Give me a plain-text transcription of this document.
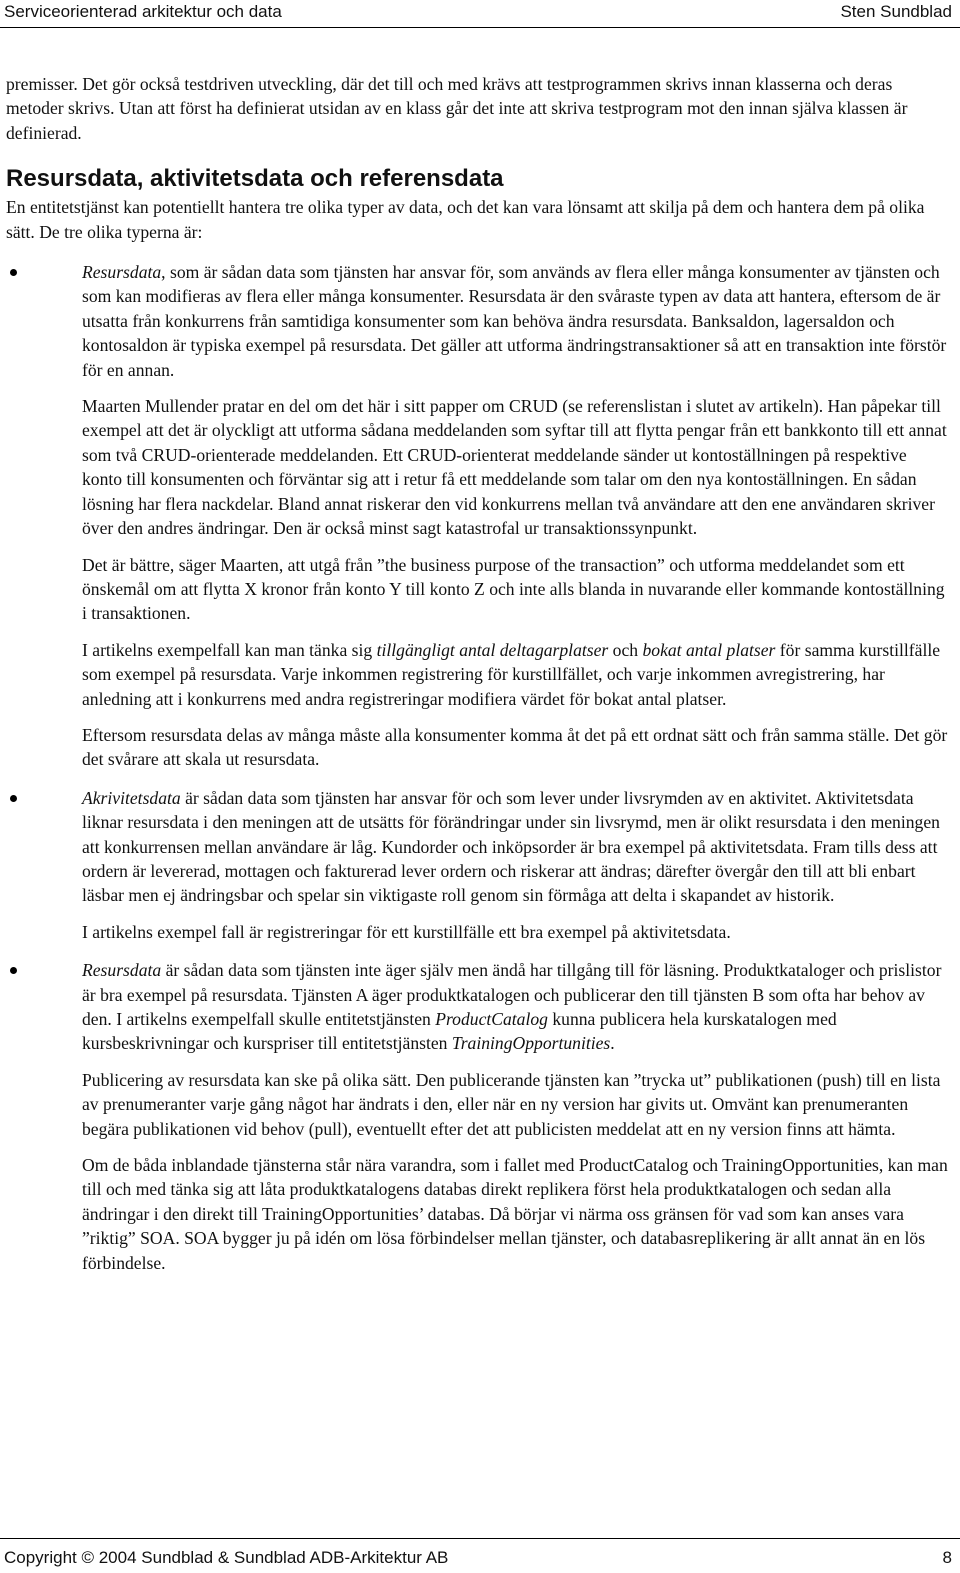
Serviceorienterad arkitektur och data	Sten Sundblad

premisser. Det gör också testdriven utveckling, där det till och med krävs att testprogrammen skrivs innan klasserna och deras metoder skrivs. Utan att först ha definierat utsidan av en klass går det inte att skriva testprogram mot den innan själva klassen är definierad.

Resursdata, aktivitetsdata och referensdata

En entitetstjänst kan potentiellt hantera tre olika typer av data, och det kan vara lönsamt att skilja på dem och hantera dem på olika sätt. De tre olika typerna är:

Resursdata, som är sådan data som tjänsten har ansvar för, som används av flera eller många konsumenter av tjänsten och som kan modifieras av flera eller många konsumenter. Resursdata är den svåraste typen av data att hantera, eftersom de är utsatta från konkurrens från samtidiga konsumenter som kan behöva ändra resursdata. Banksaldon, lagersaldon och kontosaldon är typiska exempel på resursdata. Det gäller att utforma ändringstransaktioner så att en transaktion inte förstör för en annan.

Maarten Mullender pratar en del om det här i sitt papper om CRUD (se referenslistan i slutet av artikeln). Han påpekar till exempel att det är olyckligt att utforma sådana meddelanden som syftar till att flytta pengar från ett bankkonto till ett annat som två CRUD-orienterade meddelanden. Ett CRUD-orienterat meddelande sänder ut kontoställningen på respektive konto till konsumenten och förväntar sig att i retur få ett meddelande som talar om den nya kontoställningen. En sådan lösning har flera nackdelar. Bland annat riskerar den vid konkurrens mellan två användare att den ene användaren skriver över den andres ändringar. Den är också minst sagt katastrofal ur transaktionssynpunkt.

Det är bättre, säger Maarten, att utgå från ”the business purpose of the transaction” och utforma meddelandet som ett önskemål om att flytta X kronor från konto Y till konto Z och inte alls blanda in nuvarande eller kommande kontoställning i transaktionen.

I artikelns exempelfall kan man tänka sig tillgängligt antal deltagarplatser och bokat antal platser för samma kurstillfälle som exempel på resursdata. Varje inkommen registrering för kurstillfället, och varje inkommen avregistrering, har anledning att i konkurrens med andra registreringar modifiera värdet för bokat antal platser.

Eftersom resursdata delas av många måste alla konsumenter komma åt det på ett ordnat sätt och från samma ställe. Det gör det svårare att skala ut resursdata.

Akrivitetsdata är sådan data som tjänsten har ansvar för och som lever under livsrymden av en aktivitet. Aktivitetsdata liknar resursdata i den meningen att de utsätts för förändringar under sin livsrymd, men är olikt resursdata i den meningen att konkurrensen mellan användare är låg. Kundorder och inköpsorder är bra exempel på aktivitetsdata. Fram tills dess att ordern är levererad, mottagen och fakturerad lever ordern och riskerar att ändras; därefter övergår den till att bli enbart läsbar men ej ändringsbar och spelar sin viktigaste roll genom sin förmåga att delta i skapandet av historik.

I artikelns exempel fall är registreringar för ett kurstillfälle ett bra exempel på aktivitetsdata.

Resursdata är sådan data som tjänsten inte äger själv men ändå har tillgång till för läsning. Produktkataloger och prislistor är bra exempel på resursdata. Tjänsten A äger produktkatalogen och publicerar den till tjänsten B som ofta har behov av den. I artikelns exempelfall skulle entitetstjänsten ProductCatalog kunna publicera hela kurskatalogen med kursbeskrivningar och kurspriser till entitetstjänsten TrainingOpportunities.

Publicering av resursdata kan ske på olika sätt. Den publicerande tjänsten kan ”trycka ut” publikationen (push) till en lista av prenumeranter varje gång något har ändrats i den, eller när en ny version har givits ut. Omvänt kan prenumeranten begära publikationen vid behov (pull), eventuellt efter det att publicisten meddelat att en ny version finns att hämta.

Om de båda inblandade tjänsterna står nära varandra, som i fallet med ProductCatalog och TrainingOpportunities, kan man till och med tänka sig att låta produktkatalogens databas direkt replikera först hela produktkatalogen och sedan alla ändringar i den direkt till TrainingOpportunities’ databas. Då börjar vi närma oss gränsen för vad som kan anses vara ”riktig” SOA. SOA bygger ju på idén om lösa förbindelser mellan tjänster, och databasreplikering är allt annat än en lös förbindelse.

Copyright © 2004 Sundblad & Sundblad ADB-Arkitektur AB	8
